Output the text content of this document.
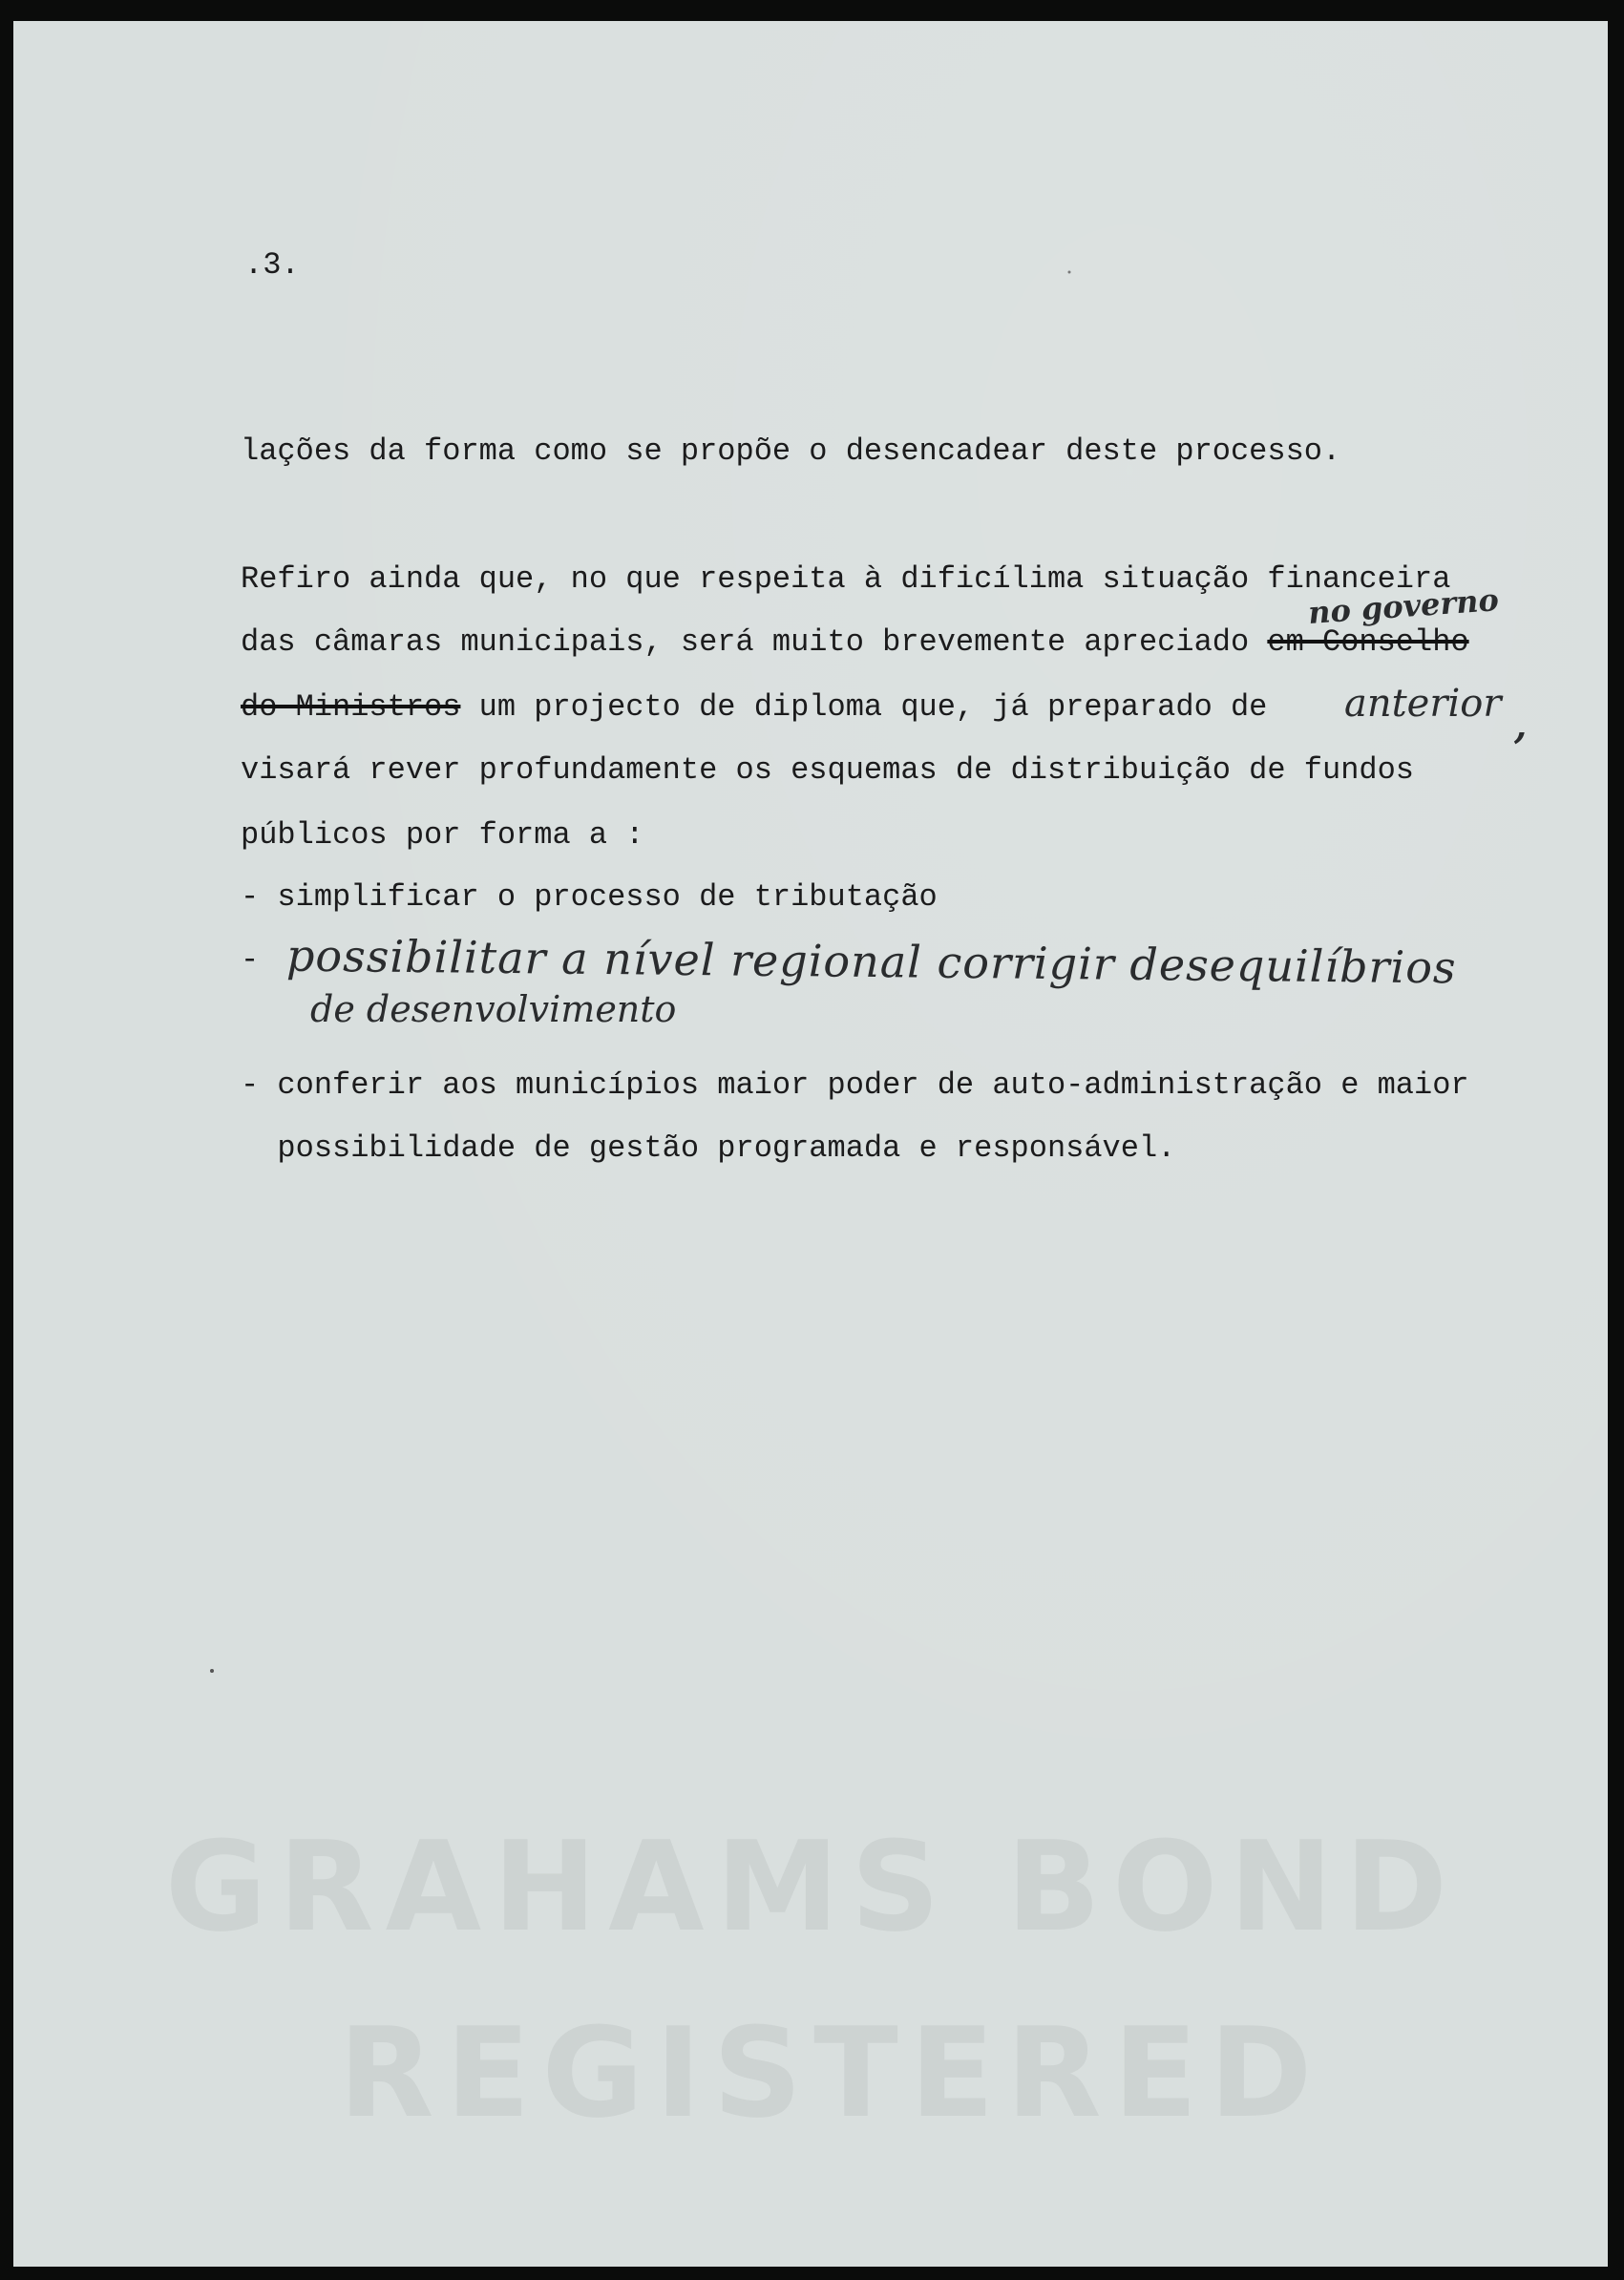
GRAHAMS BOND
REGISTERED
.3.
lações da forma como se propõe o desencadear deste processo.
Refiro ainda que, no que respeita à dificílima situação financeira
das câmaras municipais, será muito brevemente apreciado em Conselho
do Ministros um projecto de diploma que, já preparado de
visará rever profundamente os esquemas de distribuição de fundos
públicos por forma a :
- simplificar o processo de tributação
-
- conferir aos municípios maior poder de auto-administração e maior
possibilidade de gestão programada e responsável.
no governo
anterior ,
possibilitar a nível regional corrigir desequilíbrios
de desenvolvimento
